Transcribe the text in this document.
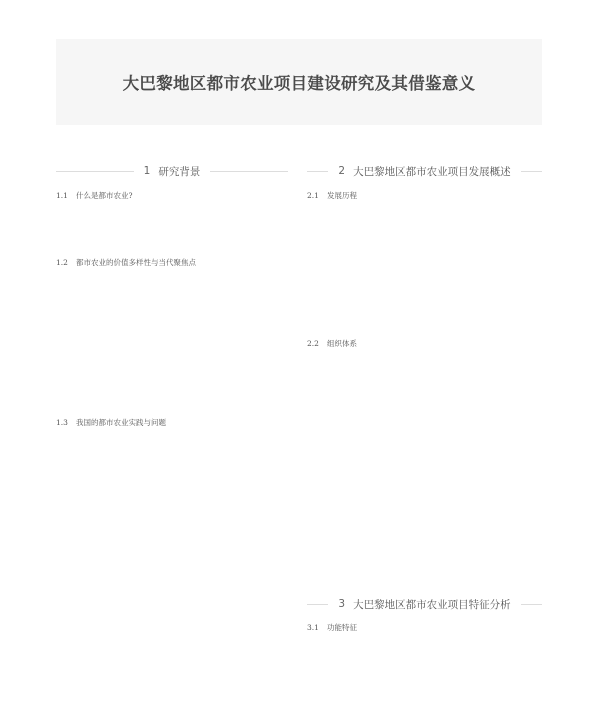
大巴黎地区都市农业项目建设研究及其借鉴意义
1 研究背景
1.1	什么是都市农业?
1.2	都市农业的价值多样性与当代聚焦点
1.3	我国的都市农业实践与问题
2 大巴黎地区都市农业项目发展概述
2.1	发展历程
2.2	组织体系
3 大巴黎地区都市农业项目特征分析
3.1	功能特征
